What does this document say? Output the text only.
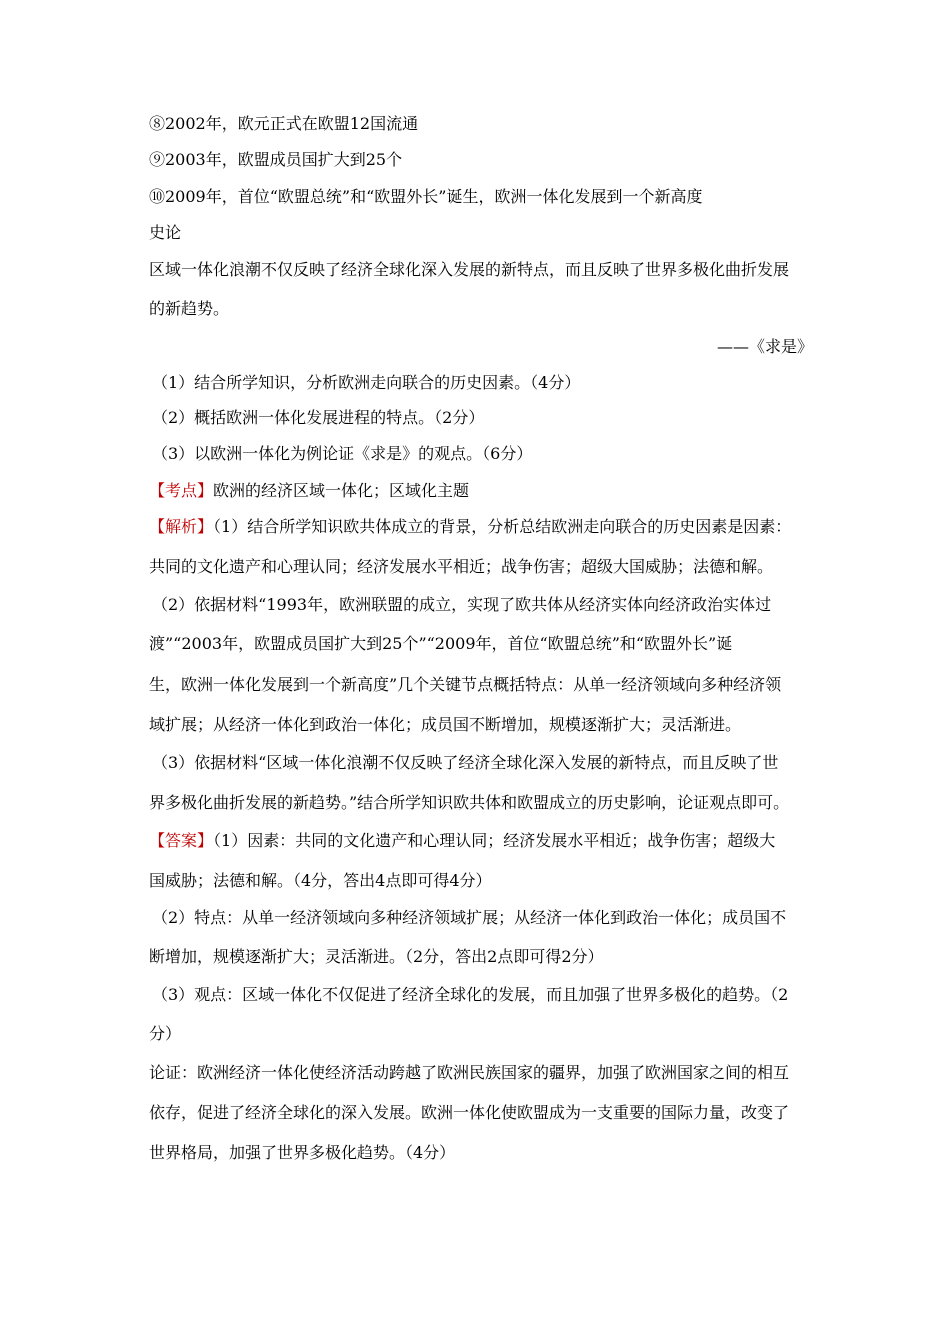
⑧2002年，欧元正式在欧盟12国流通
⑨2003年，欧盟成员国扩大到25个
⑩2009年，首位“欧盟总统”和“欧盟外长”诞生，欧洲一体化发展到一个新高度
史论
区域一体化浪潮不仅反映了经济全球化深入发展的新特点，而且反映了世界多极化曲折发展
的新趋势。
——《求是》
（1）结合所学知识，分析欧洲走向联合的历史因素。（4分）
（2）概括欧洲一体化发展进程的特点。（2分）
（3）以欧洲一体化为例论证《求是》的观点。（6分）
【考点】欧洲的经济区域一体化；区域化主题
【解析】（1）结合所学知识欧共体成立的背景，分析总结欧洲走向联合的历史因素是因素：
共同的文化遗产和心理认同；经济发展水平相近；战争伤害；超级大国威胁；法德和解。
（2）依据材料“1993年，欧洲联盟的成立，实现了欧共体从经济实体向经济政治实体过
渡”“2003年，欧盟成员国扩大到25个”“2009年，首位“欧盟总统”和“欧盟外长”诞
生，欧洲一体化发展到一个新高度”几个关键节点概括特点：从单一经济领域向多种经济领
域扩展；从经济一体化到政治一体化；成员国不断增加，规模逐渐扩大；灵活渐进。
（3）依据材料“区域一体化浪潮不仅反映了经济全球化深入发展的新特点，而且反映了世
界多极化曲折发展的新趋势。”结合所学知识欧共体和欧盟成立的历史影响，论证观点即可。
【答案】（1）因素：共同的文化遗产和心理认同；经济发展水平相近；战争伤害；超级大
国威胁；法德和解。（4分，答出4点即可得4分）
（2）特点：从单一经济领域向多种经济领域扩展；从经济一体化到政治一体化；成员国不
断增加，规模逐渐扩大；灵活渐进。（2分，答出2点即可得2分）
（3）观点：区域一体化不仅促进了经济全球化的发展，而且加强了世界多极化的趋势。（2
分）
论证：欧洲经济一体化使经济活动跨越了欧洲民族国家的疆界，加强了欧洲国家之间的相互
依存，促进了经济全球化的深入发展。欧洲一体化使欧盟成为一支重要的国际力量，改变了
世界格局，加强了世界多极化趋势。（4分）
